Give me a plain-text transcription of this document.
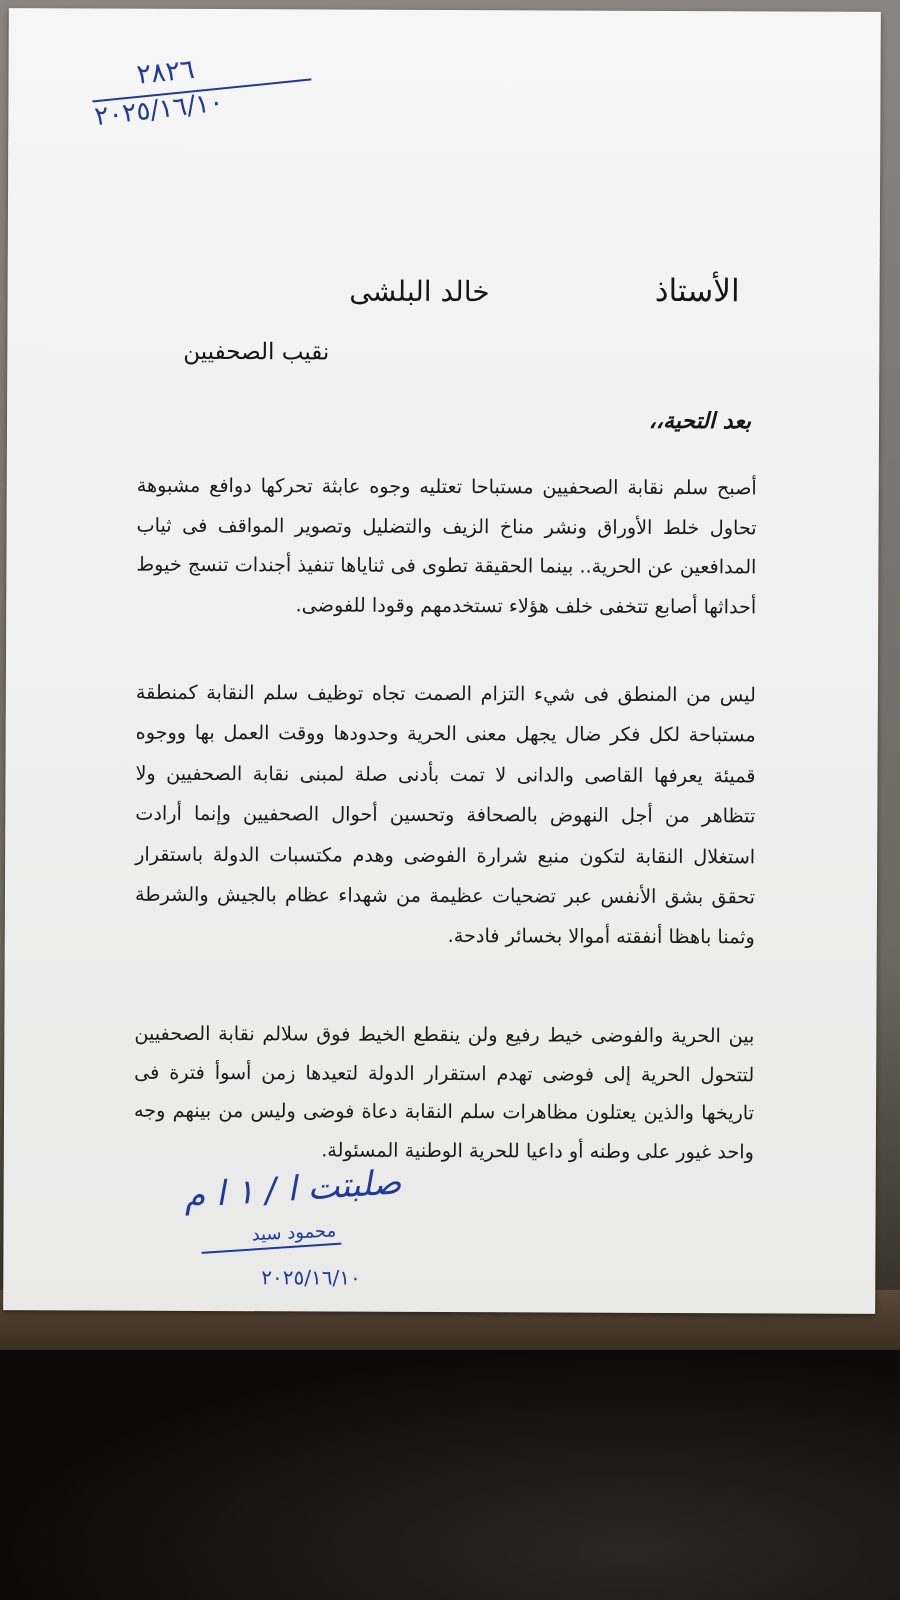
٢٨٢٦
٢٠٢٥/١٦/١٠
الأستاذ
خالد البلشى
نقيب الصحفيين
بعد التحية،،
أصبح سلم نقابة الصحفيين مستباحا تعتليه وجوه عابثة تحركها دوافع مشبوهة تحاول خلط الأوراق ونشر مناخ الزيف والتضليل وتصوير المواقف فى ثياب المدافعين عن الحرية.. بينما الحقيقة تطوى فى ثناياها تنفيذ أجندات تنسج خيوط أحداثها أصابع تتخفى خلف هؤلاء تستخدمهم وقودا للفوضى.
ليس من المنطق فى شيء التزام الصمت تجاه توظيف سلم النقابة كمنطقة مستباحة لكل فكر ضال يجهل معنى الحرية وحدودها ووقت العمل بها ووجوه قميئة يعرفها القاصى والدانى لا تمت بأدنى صلة لمبنى نقابة الصحفيين ولا تتظاهر من أجل النهوض بالصحافة وتحسين أحوال الصحفيين وإنما أرادت استغلال النقابة لتكون منبع شرارة الفوضى وهدم مكتسبات الدولة باستقرار تحقق بشق الأنفس عبر تضحيات عظيمة من شهداء عظام بالجيش والشرطة وثمنا باهظا أنفقته أموالا بخسائر فادحة.
بين الحرية والفوضى خيط رفيع ولن ينقطع الخيط فوق سلالم نقابة الصحفيين لتتحول الحرية إلى فوضى تهدم استقرار الدولة لتعيدها زمن أسوأ فترة فى تاريخها والذين يعتلون مظاهرات سلم النقابة دعاة فوضى وليس من بينهم وجه واحد غيور على وطنه أو داعيا للحرية الوطنية المسئولة.
صلبتت ا / ١ ا م
محمود سيد
٢٠٢٥/١٦/١٠
